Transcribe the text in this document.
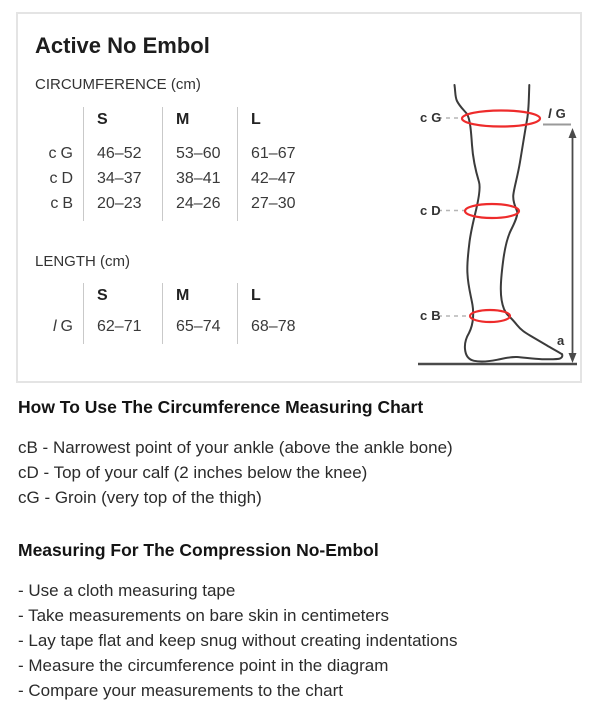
Active No Embol
CIRCUMFERENCE (cm)
c G
c D
c B
S
46–52
34–37
20–23
M
53–60
38–41
24–26
L
61–67
42–47
27–30
LENGTH (cm)
l G
S
62–71
M
65–74
L
68–78
c G
c D
c B
l G
a
How To Use The Circumference Measuring Chart
cB - Narrowest point of your ankle (above the ankle bone)
cD - Top of your calf (2 inches below the knee)
cG - Groin (very top of the thigh)
Measuring For The Compression No-Embol
- Use a cloth measuring tape
- Take measurements on bare skin in centimeters
- Lay tape flat and keep snug without creating indentations
- Measure the circumference point in the diagram
- Compare your measurements to the chart
